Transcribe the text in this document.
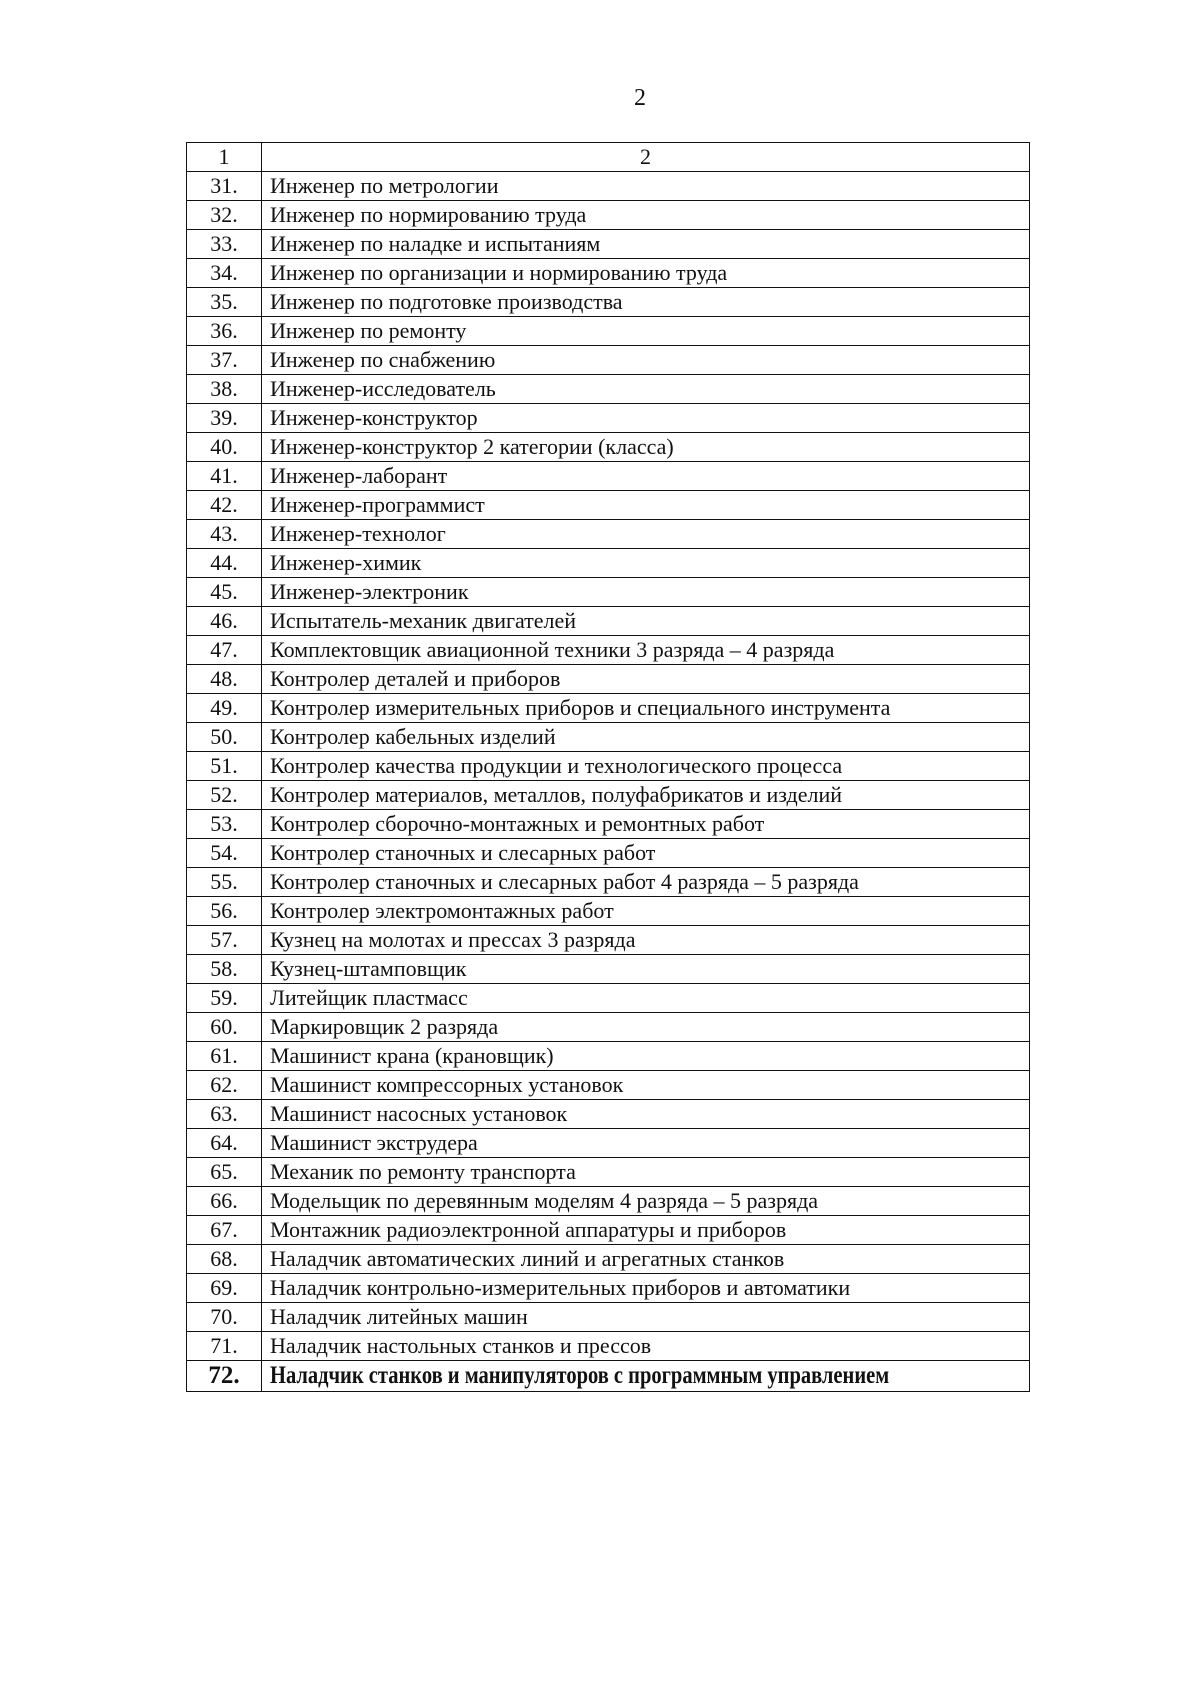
2
1	2
31.	Инженер по метрологии
32.	Инженер по нормированию труда
33.	Инженер по наладке и испытаниям
34.	Инженер по организации и нормированию труда
35.	Инженер по подготовке производства
36.	Инженер по ремонту
37.	Инженер по снабжению
38.	Инженер-исследователь
39.	Инженер-конструктор
40.	Инженер-конструктор 2 категории (класса)
41.	Инженер-лаборант
42.	Инженер-программист
43.	Инженер-технолог
44.	Инженер-химик
45.	Инженер-электроник
46.	Испытатель-механик двигателей
47.	Комплектовщик авиационной техники 3 разряда – 4 разряда
48.	Контролер деталей и приборов
49.	Контролер измерительных приборов и специального инструмента
50.	Контролер кабельных изделий
51.	Контролер качества продукции и технологического процесса
52.	Контролер материалов, металлов, полуфабрикатов и изделий
53.	Контролер сборочно-монтажных и ремонтных работ
54.	Контролер станочных и слесарных работ
55.	Контролер станочных и слесарных работ 4 разряда – 5 разряда
56.	Контролер электромонтажных работ
57.	Кузнец на молотах и прессах 3 разряда
58.	Кузнец-штамповщик
59.	Литейщик пластмасс
60.	Маркировщик 2 разряда
61.	Машинист крана (крановщик)
62.	Машинист компрессорных установок
63.	Машинист насосных установок
64.	Машинист экструдера
65.	Механик по ремонту транспорта
66.	Модельщик по деревянным моделям 4 разряда – 5 разряда
67.	Монтажник радиоэлектронной аппаратуры и приборов
68.	Наладчик автоматических линий и агрегатных станков
69.	Наладчик контрольно-измерительных приборов и автоматики
70.	Наладчик литейных машин
71.	Наладчик настольных станков и прессов
72.	Наладчик станков и манипуляторов с программным управлением
